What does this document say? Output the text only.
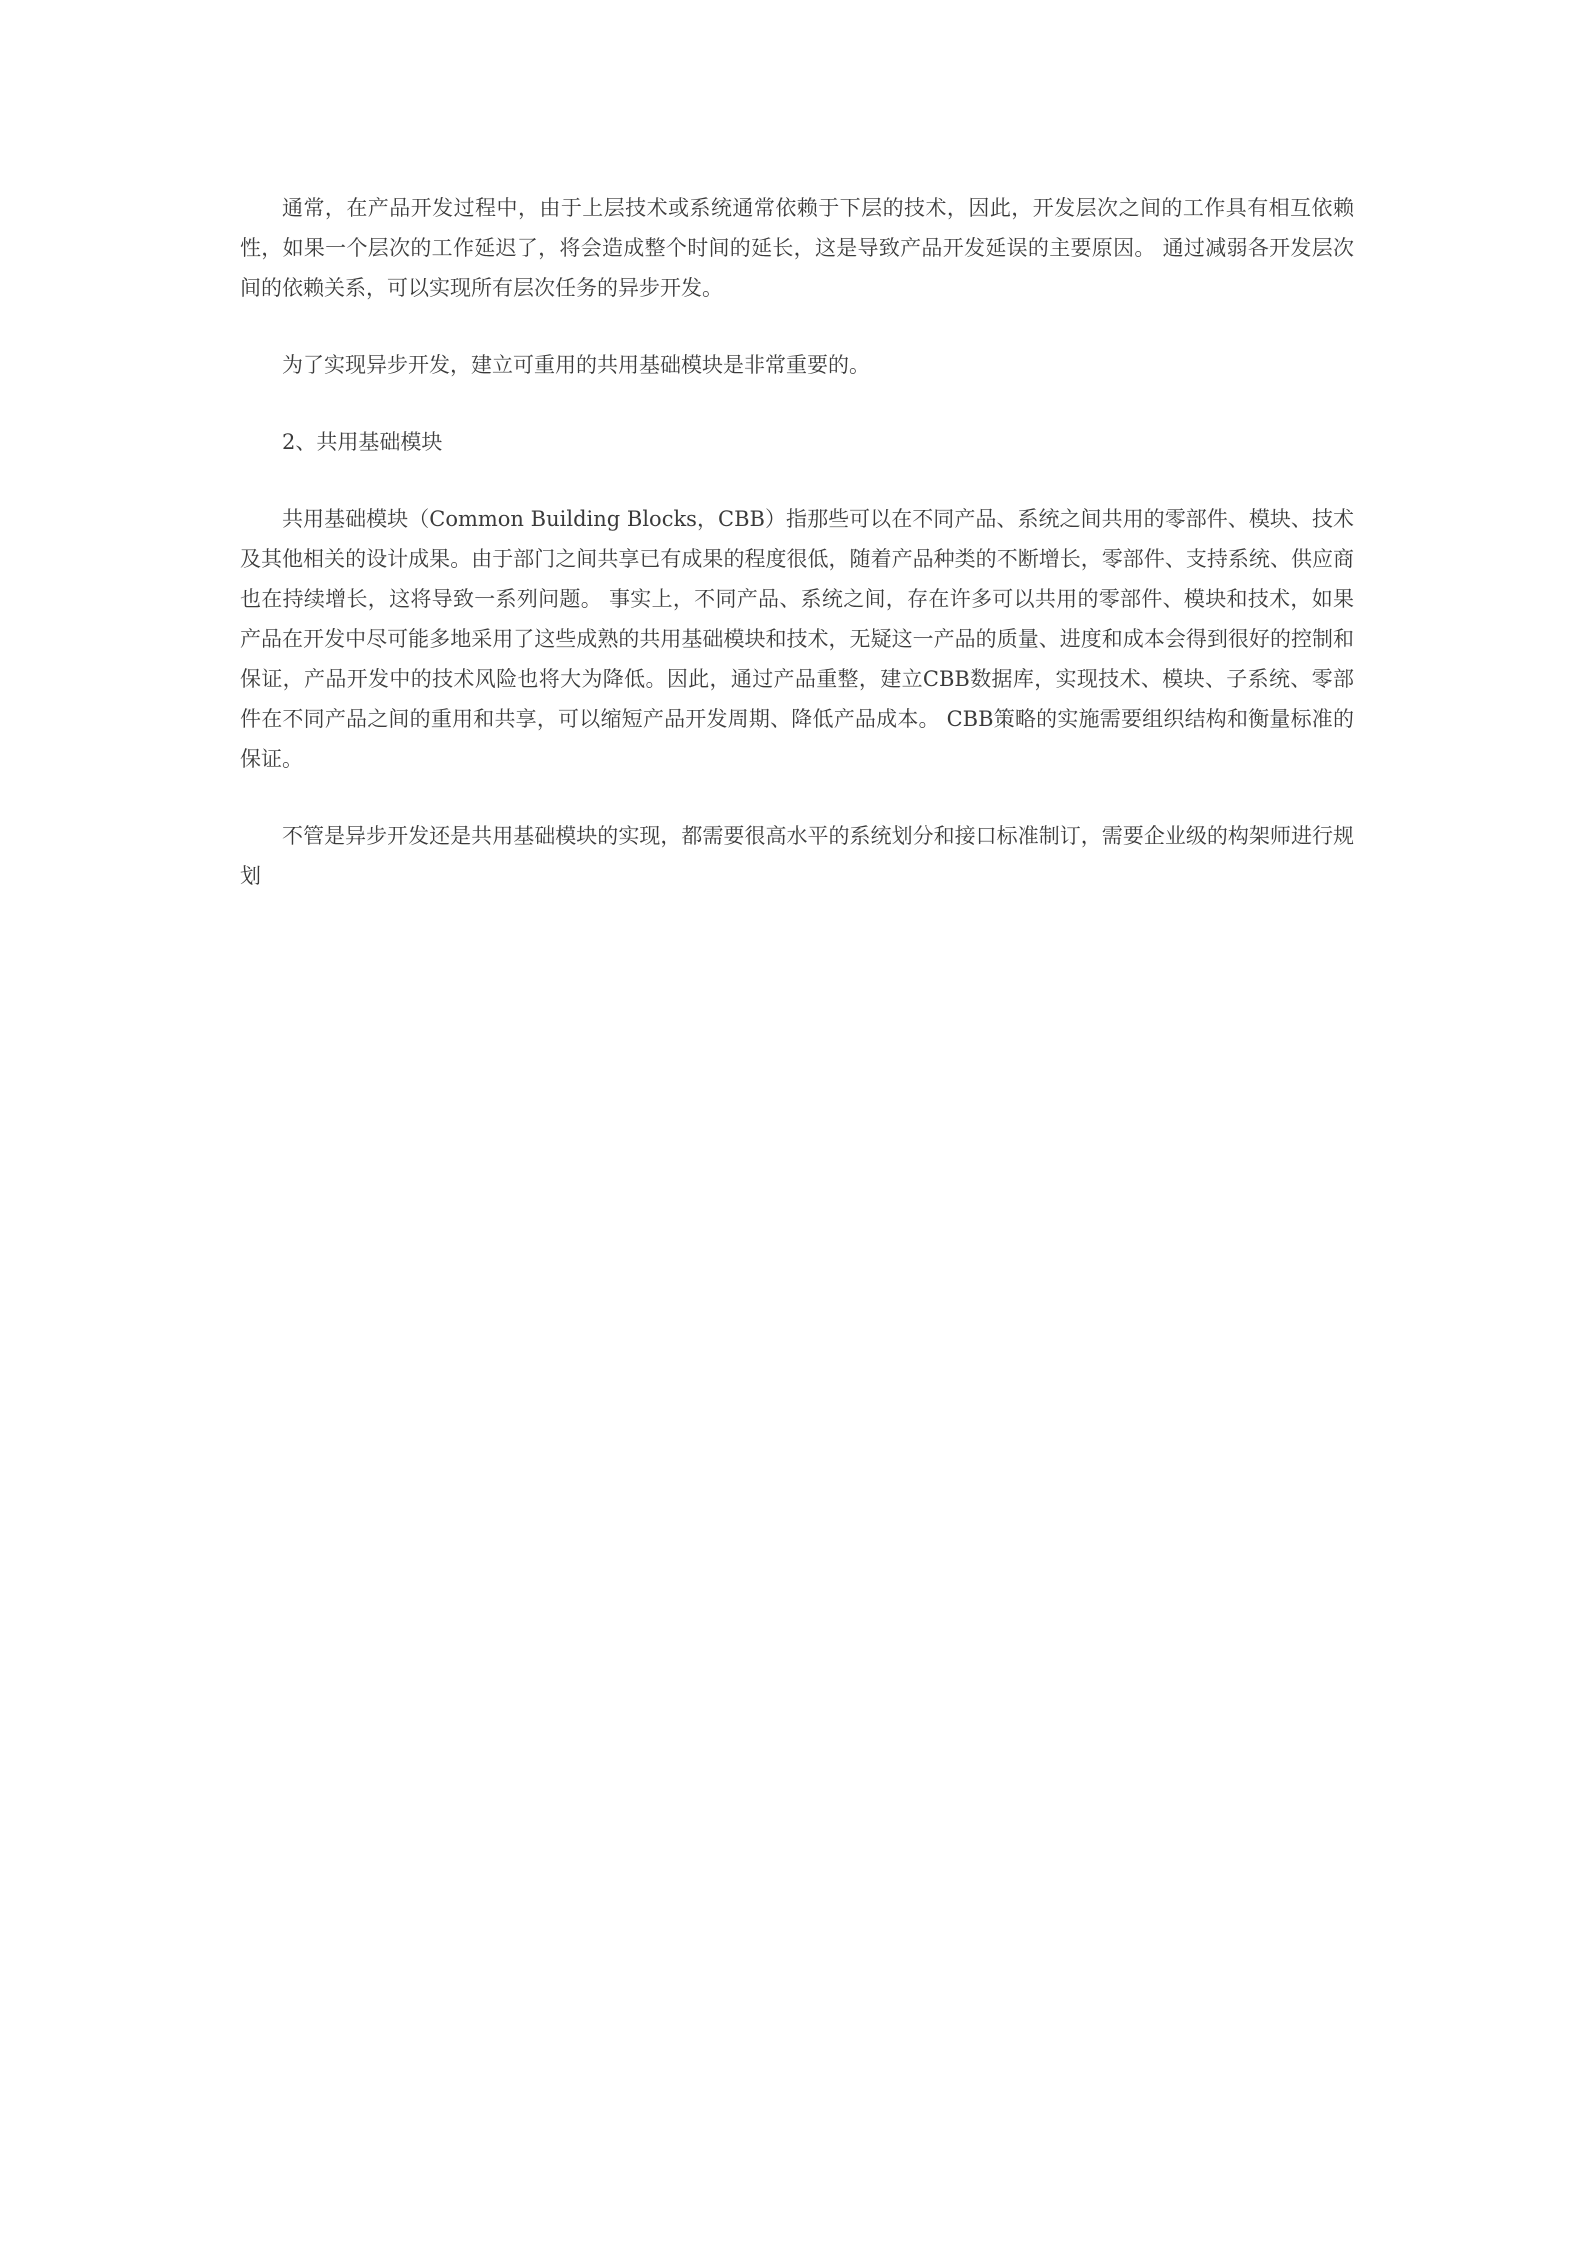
通常，在产品开发过程中，由于上层技术或系统通常依赖于下层的技术，因此，开发层次之间的工作具有相互依赖性，如果一个层次的工作延迟了，将会造成整个时间的延长，这是导致产品开发延误的主要原因。 通过减弱各开发层次间的依赖关系，可以实现所有层次任务的异步开发。

为了实现异步开发，建立可重用的共用基础模块是非常重要的。

2、共用基础模块

共用基础模块（Common Building Blocks，CBB）指那些可以在不同产品、系统之间共用的零部件、模块、技术及其他相关的设计成果。由于部门之间共享已有成果的程度很低，随着产品种类的不断增长，零部件、支持系统、供应商也在持续增长，这将导致一系列问题。 事实上，不同产品、系统之间，存在许多可以共用的零部件、模块和技术，如果产品在开发中尽可能多地采用了这些成熟的共用基础模块和技术，无疑这一产品的质量、进度和成本会得到很好的控制和保证，产品开发中的技术风险也将大为降低。因此，通过产品重整，建立CBB数据库，实现技术、模块、子系统、零部件在不同产品之间的重用和共享，可以缩短产品开发周期、降低产品成本。 CBB策略的实施需要组织结构和衡量标准的保证。

不管是异步开发还是共用基础模块的实现，都需要很高水平的系统划分和接口标准制订，需要企业级的构架师进行规划
